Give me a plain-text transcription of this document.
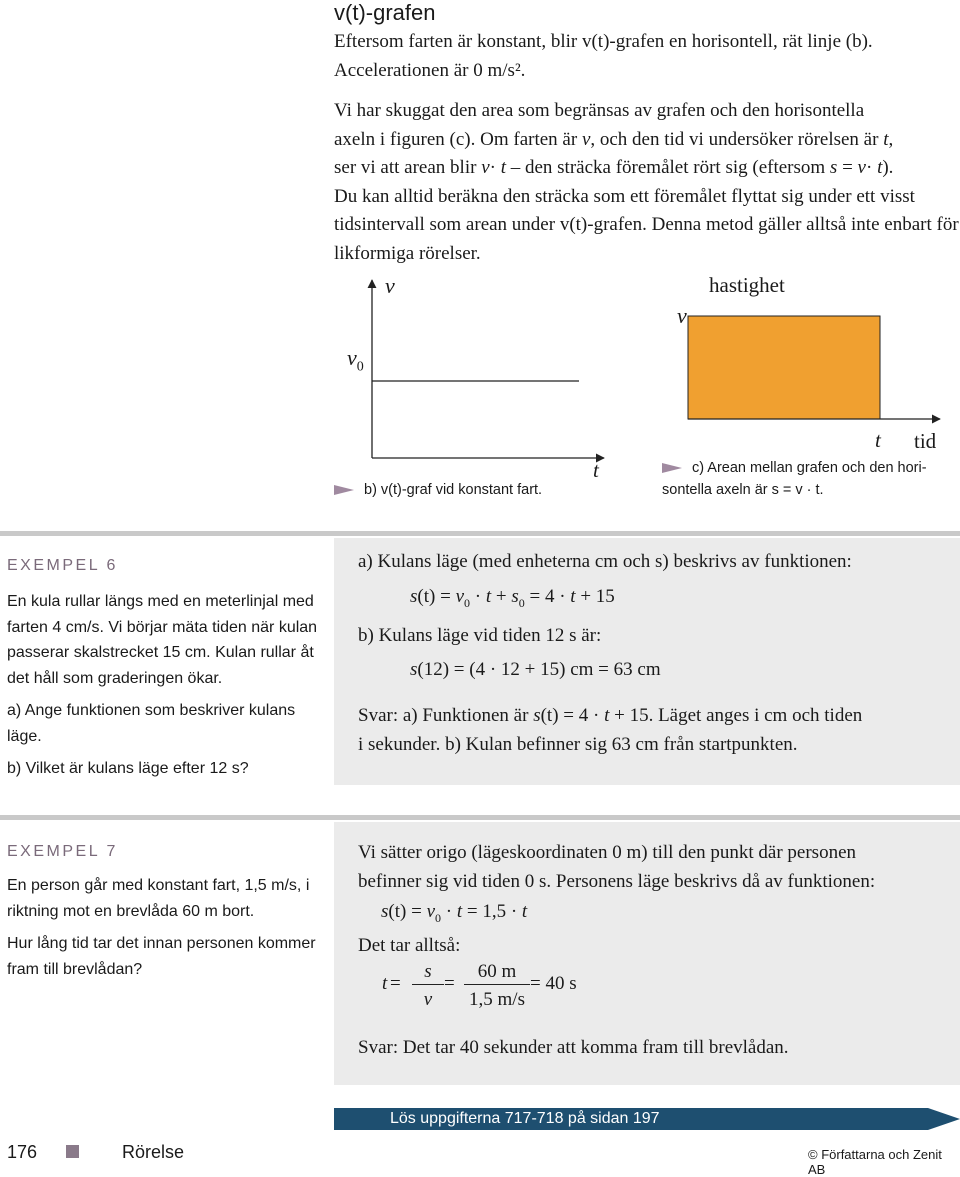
v(t)-grafen
Eftersom farten är konstant, blir v(t)-grafen en horisontell, rät linje (b). Accelerationen är 0 m/s².
Vi har skuggat den area som begränsas av grafen och den horisontella
axeln i figuren (c). Om farten är v, och den tid vi undersöker rörelsen är t,
ser vi att arean blir v· t – den sträcka föremålet rört sig (eftersom s = v· t).
Du kan alltid beräkna den sträcka som ett föremålet flyttat sig under ett visst tidsintervall som arean under v(t)-grafen. Denna metod gäller alltså inte enbart för likformiga rörelser.
v
$v_0$
t
b) v(t)-graf vid konstant fart.
v
hastighet
t tid
c) Arean mellan grafen och den hori-
sontella axeln är s = v · t.
EXEMPEL 6

En kula rullar längs med en meterlinjal med farten 4 cm/s. Vi börjar mäta tiden när kulan passerar skalstrecket 15 cm. Kulan rullar åt det håll som graderingen ökar.

a) Ange funktionen som beskriver kulans läge.

b) Vilket är kulans läge efter 12 s?

a) Kulans läge (med enheterna cm och s) beskrivs av funktionen:
$s(t) = v_0 \cdot t + s_0 = 4 \cdot t + 15$
b) Kulans läge vid tiden 12 s är:
s(12) = (4 · 12 + 15) cm = 63 cm
Svar: a) Funktionen är s(t) = 4 · t + 15. Läget anges i cm och tiden
i sekunder. b) Kulan befinner sig 63 cm från startpunkten.
EXEMPEL 7

En person går med konstant fart, 1,5 m/s, i riktning mot en brevlåda 60 m bort.

Hur lång tid tar det innan personen kommer fram till brevlådan?

Vi sätter origo (lägeskoordinaten 0 m) till den punkt där personen
befinner sig vid tiden 0 s. Personens läge beskrivs då av funktionen:
$s(t) = v_0 \cdot t = 1,5 \cdot t$
Det tar alltså:
t =
s
v
=
60 m
1,5 m/s
= 40 s
Svar: Det tar 40 sekunder att komma fram till brevlådan.
Lös uppgifterna 717-718 på sidan 197
176	Rörelse	© Författarna och Zenit AB
